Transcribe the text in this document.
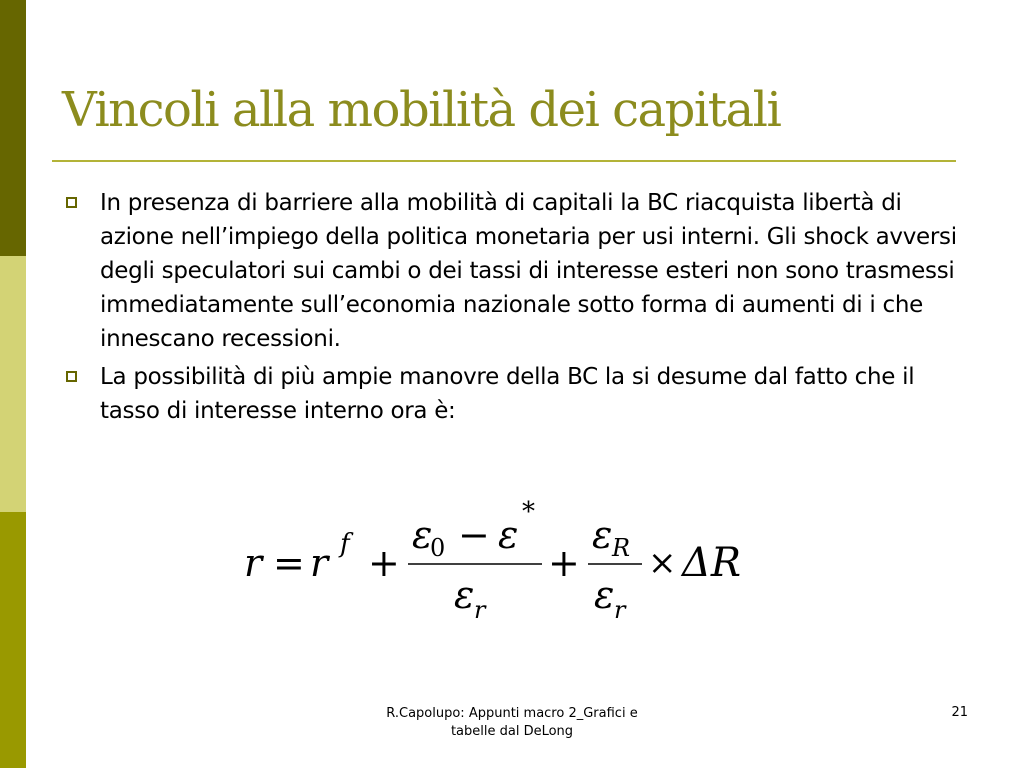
Vincoli alla mobilità dei capitali
In presenza di barriere alla mobilità di capitali la BC riacquista libertà di azione nell’impiego della politica monetaria per usi interni. Gli shock avversi degli speculatori sui cambi o dei tassi di interesse esteri non sono trasmessi immediatamente sull’economia nazionale sotto forma di aumenti di i che innescano recessioni.
La possibilità di più ampie manovre della BC la si desume dal fatto che il tasso di interesse interno ora è:
r = r f +
ε
0 − ε
*
ε r
+
ε R
ε r
× ΔR
R.Capolupo: Appunti macro 2_Grafici e
tabelle dal DeLong
21
